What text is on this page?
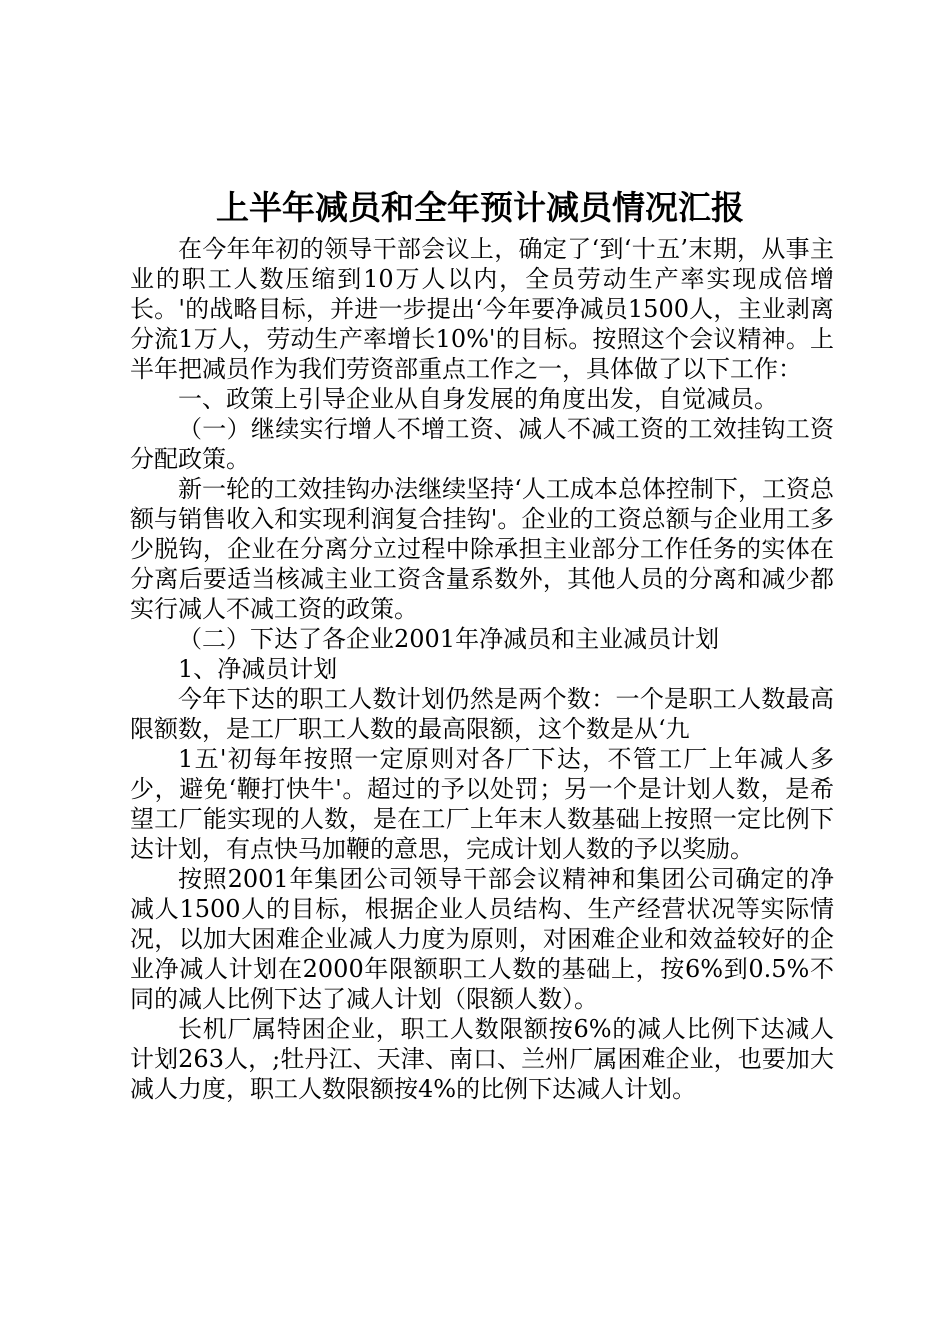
上半年减员和全年预计减员情况汇报

在今年年初的领导干部会议上，确定了‘到‘十五’末期，从事主业的职工人数压缩到10万人以内，全员劳动生产率实现成倍增长。'的战略目标，并进一步提出‘今年要净减员1500人，主业剥离分流1万人，劳动生产率增长10%'的目标。按照这个会议精神。上半年把减员作为我们劳资部重点工作之一，具体做了以下工作：

一、政策上引导企业从自身发展的角度出发，自觉减员。

（一）继续实行增人不增工资、减人不减工资的工效挂钩工资分配政策。

新一轮的工效挂钩办法继续坚持‘人工成本总体控制下，工资总额与销售收入和实现利润复合挂钩'。企业的工资总额与企业用工多少脱钩，企业在分离分立过程中除承担主业部分工作任务的实体在分离后要适当核减主业工资含量系数外，其他人员的分离和减少都实行减人不减工资的政策。

（二）下达了各企业2001年净减员和主业减员计划

1、净减员计划

今年下达的职工人数计划仍然是两个数：一个是职工人数最高限额数，是工厂职工人数的最高限额，这个数是从‘九

1五'初每年按照一定原则对各厂下达，不管工厂上年减人多少，避免‘鞭打快牛'。超过的予以处罚；另一个是计划人数，是希望工厂能实现的人数，是在工厂上年末人数基础上按照一定比例下达计划，有点快马加鞭的意思，完成计划人数的予以奖励。

按照2001年集团公司领导干部会议精神和集团公司确定的净减人1500人的目标，根据企业人员结构、生产经营状况等实际情况，以加大困难企业减人力度为原则，对困难企业和效益较好的企业净减人计划在2000年限额职工人数的基础上，按6%到0.5%不同的减人比例下达了减人计划（限额人数）。

长机厂属特困企业，职工人数限额按6%的减人比例下达减人计划263人，;牡丹江、天津、南口、兰州厂属困难企业，也要加大减人力度，职工人数限额按4%的比例下达减人计划。
